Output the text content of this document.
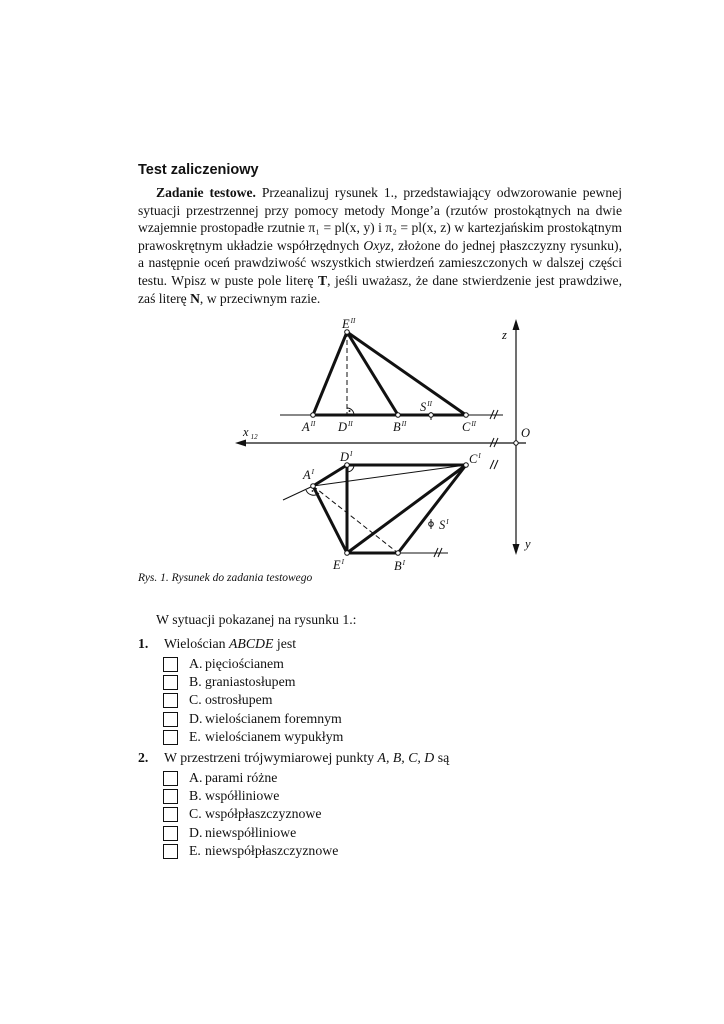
Test zaliczeniowy

Zadanie testowe. Przeanalizuj rysunek 1., przedstawiający odwzorowanie pewnej sytuacji przestrzennej przy pomocy metody Monge’a (rzutów prostokątnych na dwie wzajemnie prostopadłe rzutnie π₁ = pl(x, y) i π₂ = pl(x, z) w kartezjańskim prostokątnym prawoskrętnym układzie współrzędnych Oxyz, złożone do jednej płaszczyzny rysunku), a następnie oceń prawdziwość wszystkich stwierdzeń zamieszczonych w dalszej części testu. Wpisz w puste pole literę T, jeśli uważasz, że dane stwierdzenie jest prawdziwe, zaś literę N, w przeciwnym razie.

z
x $_{12}$	O
y
$E^{II}$
$A^{II}$ $D^{II}$	$B^{II}$	$C^{II}$
$S^{II}$
$D^I$	$C^I$
$A^I$
$S^I$
$E^I$	$B^I$

Rys. 1. Rysunek do zadania testowego

W sytuacji pokazanej na rysunku 1.:

1. Wielościan ABCDE jest
A. pięciościanem
B. graniastosłupem
C. ostrosłupem
D. wielościanem foremnym
E. wielościanem wypukłym
2. W przestrzeni trójwymiarowej punkty A, B, C, D są
A. parami różne
B. współliniowe
C. współpłaszczyznowe
D. niewspółliniowe
E. niewspółpłaszczyznowe
